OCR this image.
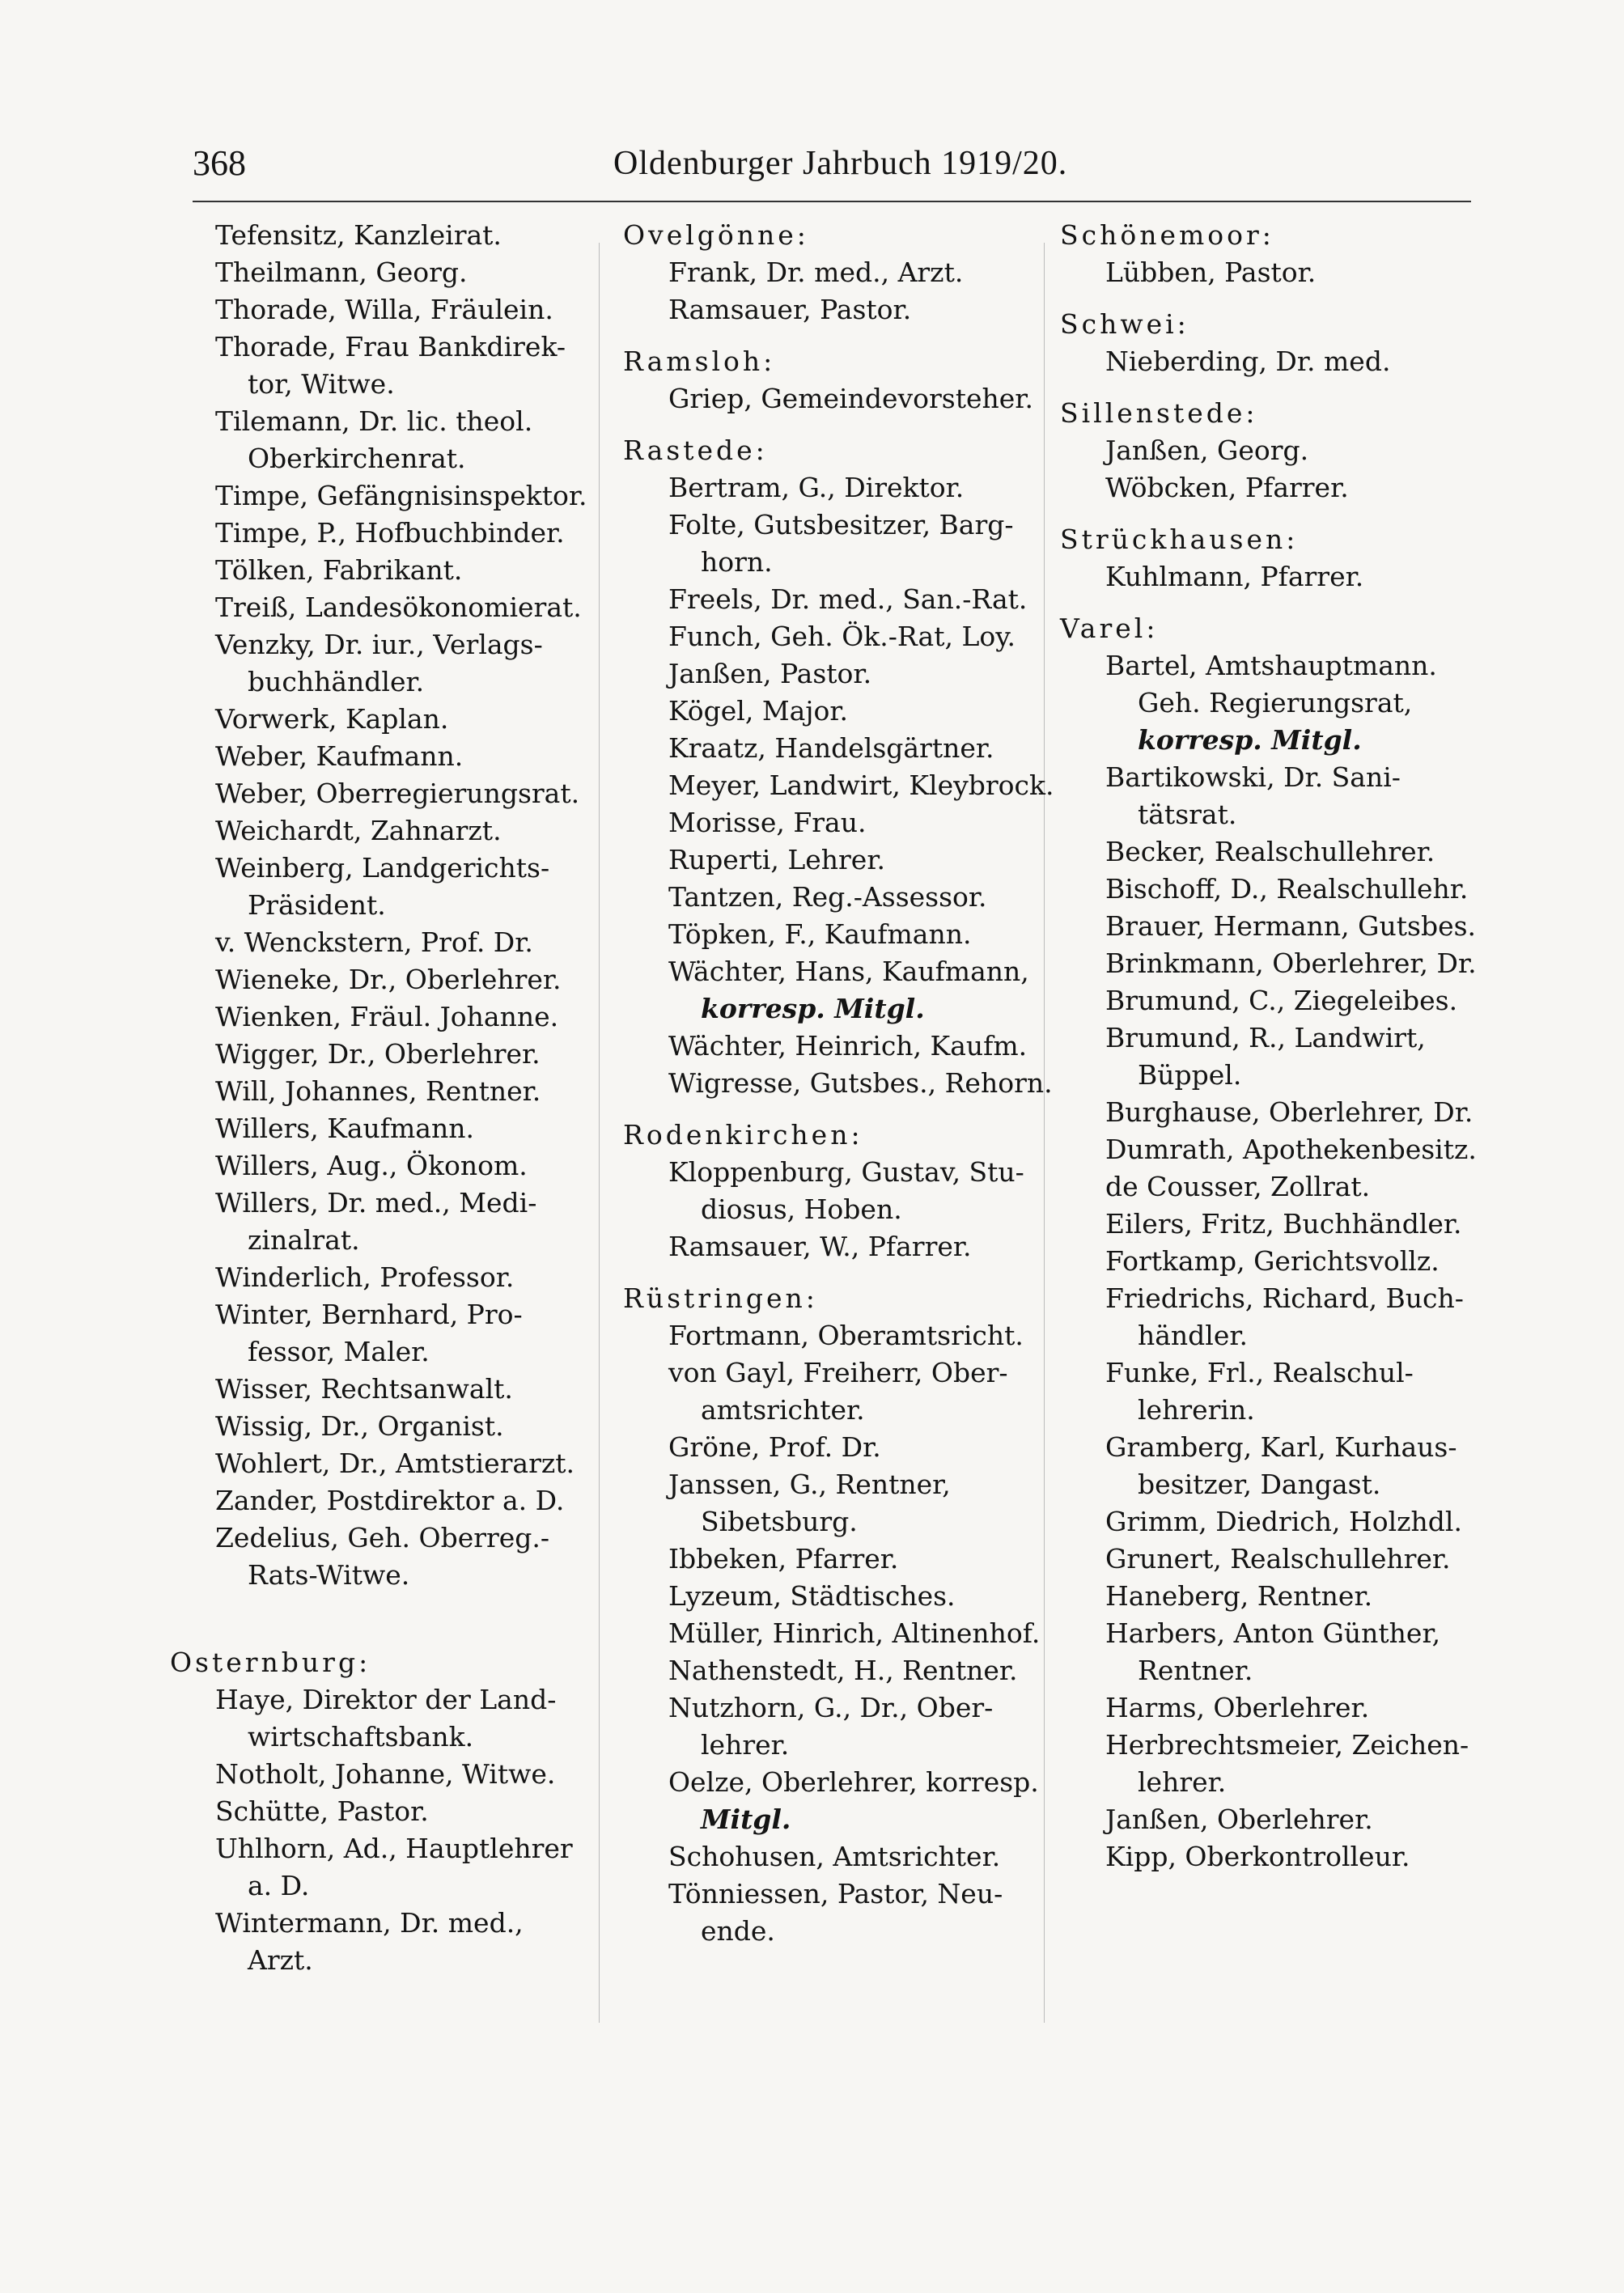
368	Oldenburger Jahrbuch 1919/20.
Tefensitz, Kanzleirat.
Theilmann, Georg.
Thorade, Willa, Fräulein.
Thorade, Frau Bankdirek-
tor, Witwe.
Tilemann, Dr. lic. theol.
Oberkirchenrat.
Timpe, Gefängnisinspektor.
Timpe, P., Hofbuchbinder.
Tölken, Fabrikant.
Treiß, Landesökonomierat.
Venzky, Dr. iur., Verlags-
buchhändler.
Vorwerk, Kaplan.
Weber, Kaufmann.
Weber, Oberregierungsrat.
Weichardt, Zahnarzt.
Weinberg, Landgerichts-
Präsident.
v. Wenckstern, Prof. Dr.
Wieneke, Dr., Oberlehrer.
Wienken, Fräul. Johanne.
Wigger, Dr., Oberlehrer.
Will, Johannes, Rentner.
Willers, Kaufmann.
Willers, Aug., Ökonom.
Willers, Dr. med., Medi-
zinalrat.
Winderlich, Professor.
Winter, Bernhard, Pro-
fessor, Maler.
Wisser, Rechtsanwalt.
Wissig, Dr., Organist.
Wohlert, Dr., Amtstierarzt.
Zander, Postdirektor a. D.
Zedelius, Geh. Oberreg.-
Rats-Witwe.
Osternburg:
Haye, Direktor der Land-
wirtschaftsbank.
Notholt, Johanne, Witwe.
Schütte, Pastor.
Uhlhorn, Ad., Hauptlehrer
a. D.
Wintermann, Dr. med.,
Arzt.
Ovelgönne:
Frank, Dr. med., Arzt.
Ramsauer, Pastor.
Ramsloh:
Griep, Gemeindevorsteher.
Rastede:
Bertram, G., Direktor.
Folte, Gutsbesitzer, Barg-
horn.
Freels, Dr. med., San.-Rat.
Funch, Geh. Ök.-Rat, Loy.
Janßen, Pastor.
Kögel, Major.
Kraatz, Handelsgärtner.
Meyer, Landwirt, Kleybrock.
Morisse, Frau.
Ruperti, Lehrer.
Tantzen, Reg.-Assessor.
Töpken, F., Kaufmann.
Wächter, Hans, Kaufmann,
korresp. Mitgl.
Wächter, Heinrich, Kaufm.
Wigresse, Gutsbes., Rehorn.
Rodenkirchen:
Kloppenburg, Gustav, Stu-
diosus, Hoben.
Ramsauer, W., Pfarrer.
Rüstringen:
Fortmann, Oberamtsricht.
von Gayl, Freiherr, Ober-
amtsrichter.
Gröne, Prof. Dr.
Janssen, G., Rentner,
Sibetsburg.
Ibbeken, Pfarrer.
Lyzeum, Städtisches.
Müller, Hinrich, Altinenhof.
Nathenstedt, H., Rentner.
Nutzhorn, G., Dr., Ober-
lehrer.
Oelze, Oberlehrer, korresp.
Mitgl.
Schohusen, Amtsrichter.
Tönniessen, Pastor, Neu-
ende.
Schönemoor:
Lübben, Pastor.
Schwei:
Nieberding, Dr. med.
Sillenstede:
Janßen, Georg.
Wöbcken, Pfarrer.
Strückhausen:
Kuhlmann, Pfarrer.
Varel:
Bartel, Amtshauptmann.
Geh. Regierungsrat,
korresp. Mitgl.
Bartikowski, Dr. Sani-
tätsrat.
Becker, Realschullehrer.
Bischoff, D., Realschullehr.
Brauer, Hermann, Gutsbes.
Brinkmann, Oberlehrer, Dr.
Brumund, C., Ziegeleibes.
Brumund, R., Landwirt,
Büppel.
Burghause, Oberlehrer, Dr.
Dumrath, Apothekenbesitz.
de Cousser, Zollrat.
Eilers, Fritz, Buchhändler.
Fortkamp, Gerichtsvollz.
Friedrichs, Richard, Buch-
händler.
Funke, Frl., Realschul-
lehrerin.
Gramberg, Karl, Kurhaus-
besitzer, Dangast.
Grimm, Diedrich, Holzhdl.
Grunert, Realschullehrer.
Haneberg, Rentner.
Harbers, Anton Günther,
Rentner.
Harms, Oberlehrer.
Herbrechtsmeier, Zeichen-
lehrer.
Janßen, Oberlehrer.
Kipp, Oberkontrolleur.
